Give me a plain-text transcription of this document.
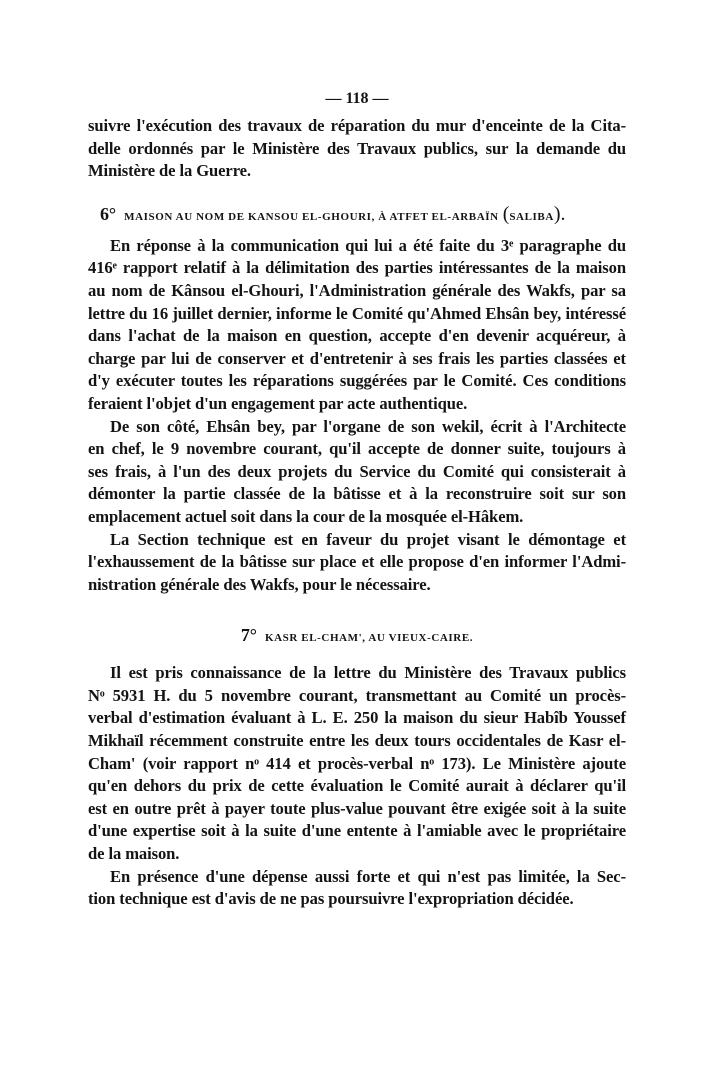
— 118 —

suivre l'exécution des travaux de réparation du mur d'enceinte de la Cita-
delle ordonnés par le Ministère des Travaux publics, sur la demande du
Ministère de la Guerre.

6° MAISON AU NOM DE KANSOU EL-GHOURI, À ATFET EL-ARBAÏN (SALIBA).

En réponse à la communication qui lui a été faite du 3ᵉ paragraphe du
416ᵉ rapport relatif à la délimitation des parties intéressantes de la maison
au nom de Kânsou el-Ghouri, l'Administration générale des Wakfs, par sa
lettre du 16 juillet dernier, informe le Comité qu'Ahmed Ehsân bey, intéressé
dans l'achat de la maison en question, accepte d'en devenir acquéreur, à
charge par lui de conserver et d'entretenir à ses frais les parties classées et
d'y exécuter toutes les réparations suggérées par le Comité. Ces conditions
feraient l'objet d'un engagement par acte authentique.

De son côté, Ehsân bey, par l'organe de son wekil, écrit à l'Architecte
en chef, le 9 novembre courant, qu'il accepte de donner suite, toujours à
ses frais, à l'un des deux projets du Service du Comité qui consisterait à
démonter la partie classée de la bâtisse et à la reconstruire soit sur son
emplacement actuel soit dans la cour de la mosquée el-Hâkem.

La Section technique est en faveur du projet visant le démontage et
l'exhaussement de la bâtisse sur place et elle propose d'en informer l'Admi-
nistration générale des Wakfs, pour le nécessaire.

7° KASR EL-CHAM', AU VIEUX-CAIRE.

Il est pris connaissance de la lettre du Ministère des Travaux publics
Nᵒ 5931 H. du 5 novembre courant, transmettant au Comité un procès-
verbal d'estimation évaluant à L. E. 250 la maison du sieur Habîb Youssef
Mikhaïl récemment construite entre les deux tours occidentales de Kasr el-
Cham' (voir rapport nᵒ 414 et procès-verbal nᵒ 173). Le Ministère ajoute
qu'en dehors du prix de cette évaluation le Comité aurait à déclarer qu'il
est en outre prêt à payer toute plus-value pouvant être exigée soit à la suite
d'une expertise soit à la suite d'une entente à l'amiable avec le propriétaire
de la maison.

En présence d'une dépense aussi forte et qui n'est pas limitée, la Sec-
tion technique est d'avis de ne pas poursuivre l'expropriation décidée.
